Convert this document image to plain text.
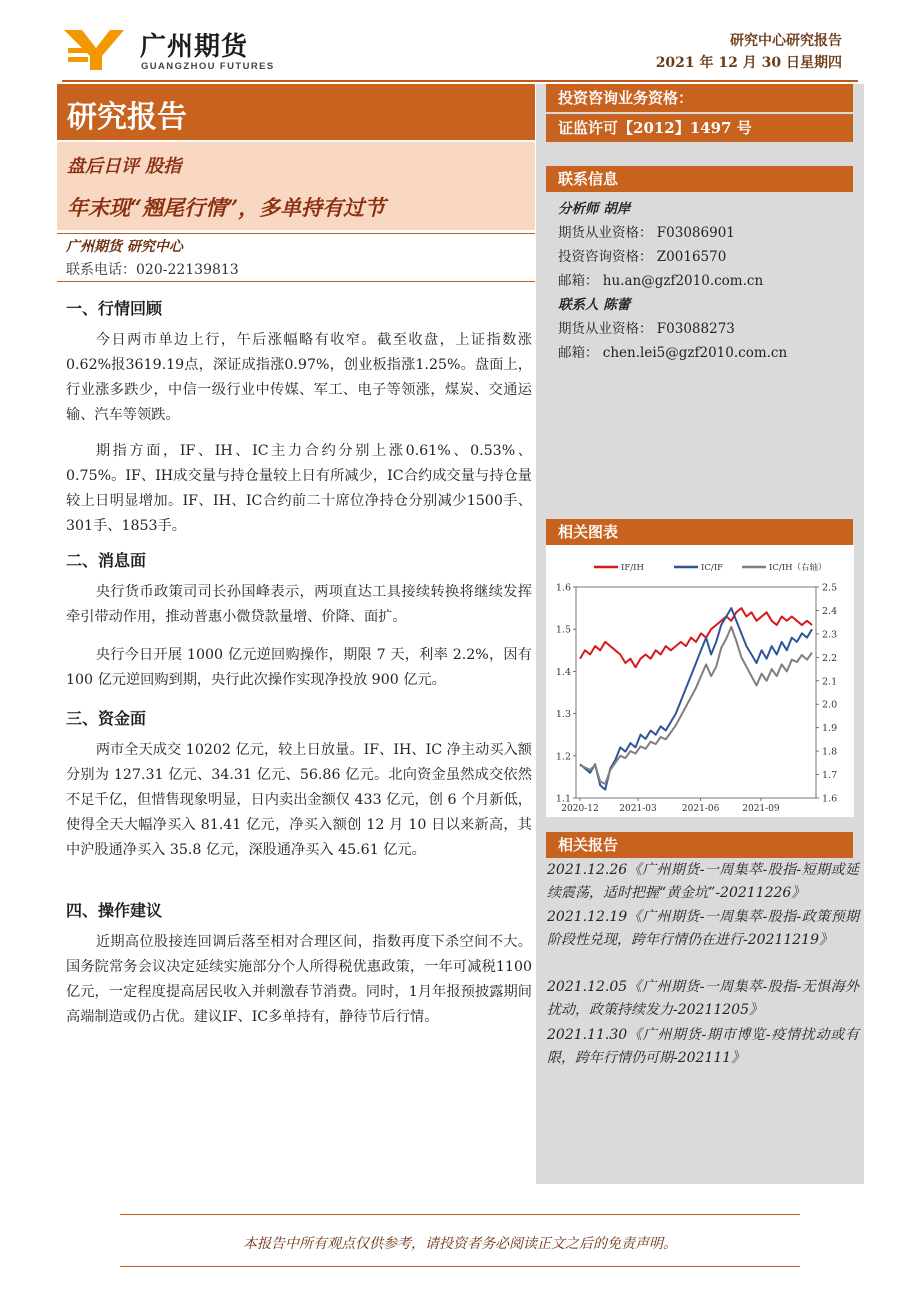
广州期货
GUANGZHOU FUTURES
研究中心研究报告
2021 年 12 月 30 日星期四
研究报告
盘后日评 股指
年末现“翘尾行情”，多单持有过节
广州期货 研究中心
联系电话：020-22139813
一、行情回顾
今日两市单边上行，午后涨幅略有收窄。截至收盘，上证指数涨0.62%报3619.19点，深证成指涨0.97%，创业板指涨1.25%。盘面上，行业涨多跌少，中信一级行业中传媒、军工、电子等领涨，煤炭、交通运输、汽车等领跌。
期指方面，IF、IH、IC主力合约分别上涨0.61%、0.53%、0.75%。IF、IH成交量与持仓量较上日有所减少，IC合约成交量与持仓量较上日明显增加。IF、IH、IC合约前二十席位净持仓分别减少1500手、301手、1853手。
二、消息面
央行货币政策司司长孙国峰表示，两项直达工具接续转换将继续发挥牵引带动作用，推动普惠小微贷款量增、价降、面扩。
央行今日开展 1000 亿元逆回购操作，期限 7 天，利率 2.2%，因有 100 亿元逆回购到期，央行此次操作实现净投放 900 亿元。
三、资金面
两市全天成交 10202 亿元，较上日放量。IF、IH、IC 净主动买入额分别为 127.31 亿元、34.31 亿元、56.86 亿元。北向资金虽然成交依然不足千亿，但惜售现象明显，日内卖出金额仅 433 亿元，创 6 个月新低，使得全天大幅净买入 81.41 亿元，净买入额创 12 月 10 日以来新高，其中沪股通净买入 35.8 亿元，深股通净买入 45.61 亿元。
四、操作建议
近期高位股接连回调后落至相对合理区间，指数再度下杀空间不大。国务院常务会议决定延续实施部分个人所得税优惠政策，一年可减税1100亿元，一定程度提高居民收入并刺激春节消费。同时，1月年报预披露期间高端制造或仍占优。建议IF、IC多单持有，静待节后行情。
投资咨询业务资格：
证监许可【2012】1497 号
联系信息
分析师 胡岸
期货从业资格： F03086901
投资咨询资格： Z0016570
邮箱： hu.an@gzf2010.com.cn
联系人 陈蕾
期货从业资格： F03088273
邮箱： chen.lei5@gzf2010.com.cn
相关图表
1.1
1.2
1.3
1.4
1.5
1.6
1.6
1.7
1.8
1.9
2.0
2.1
2.2
2.3
2.4
2.5
2020-12 2021-03	2021-06	2021-09
IF/IH	IC/IF	IC/IH（右轴）
相关报告
2021.12.26《广州期货-一周集萃-股指-短期或延续震荡，适时把握“黄金坑”-20211226》
2021.12.19《广州期货-一周集萃-股指-政策预期阶段性兑现，跨年行情仍在进行-20211219》
2021.12.05《广州期货-一周集萃-股指-无惧海外扰动，政策持续发力-20211205》
2021.11.30《广州期货-期市博览-疫情扰动或有限，跨年行情仍可期-202111》
本报告中所有观点仅供参考，请投资者务必阅读正文之后的免责声明。
